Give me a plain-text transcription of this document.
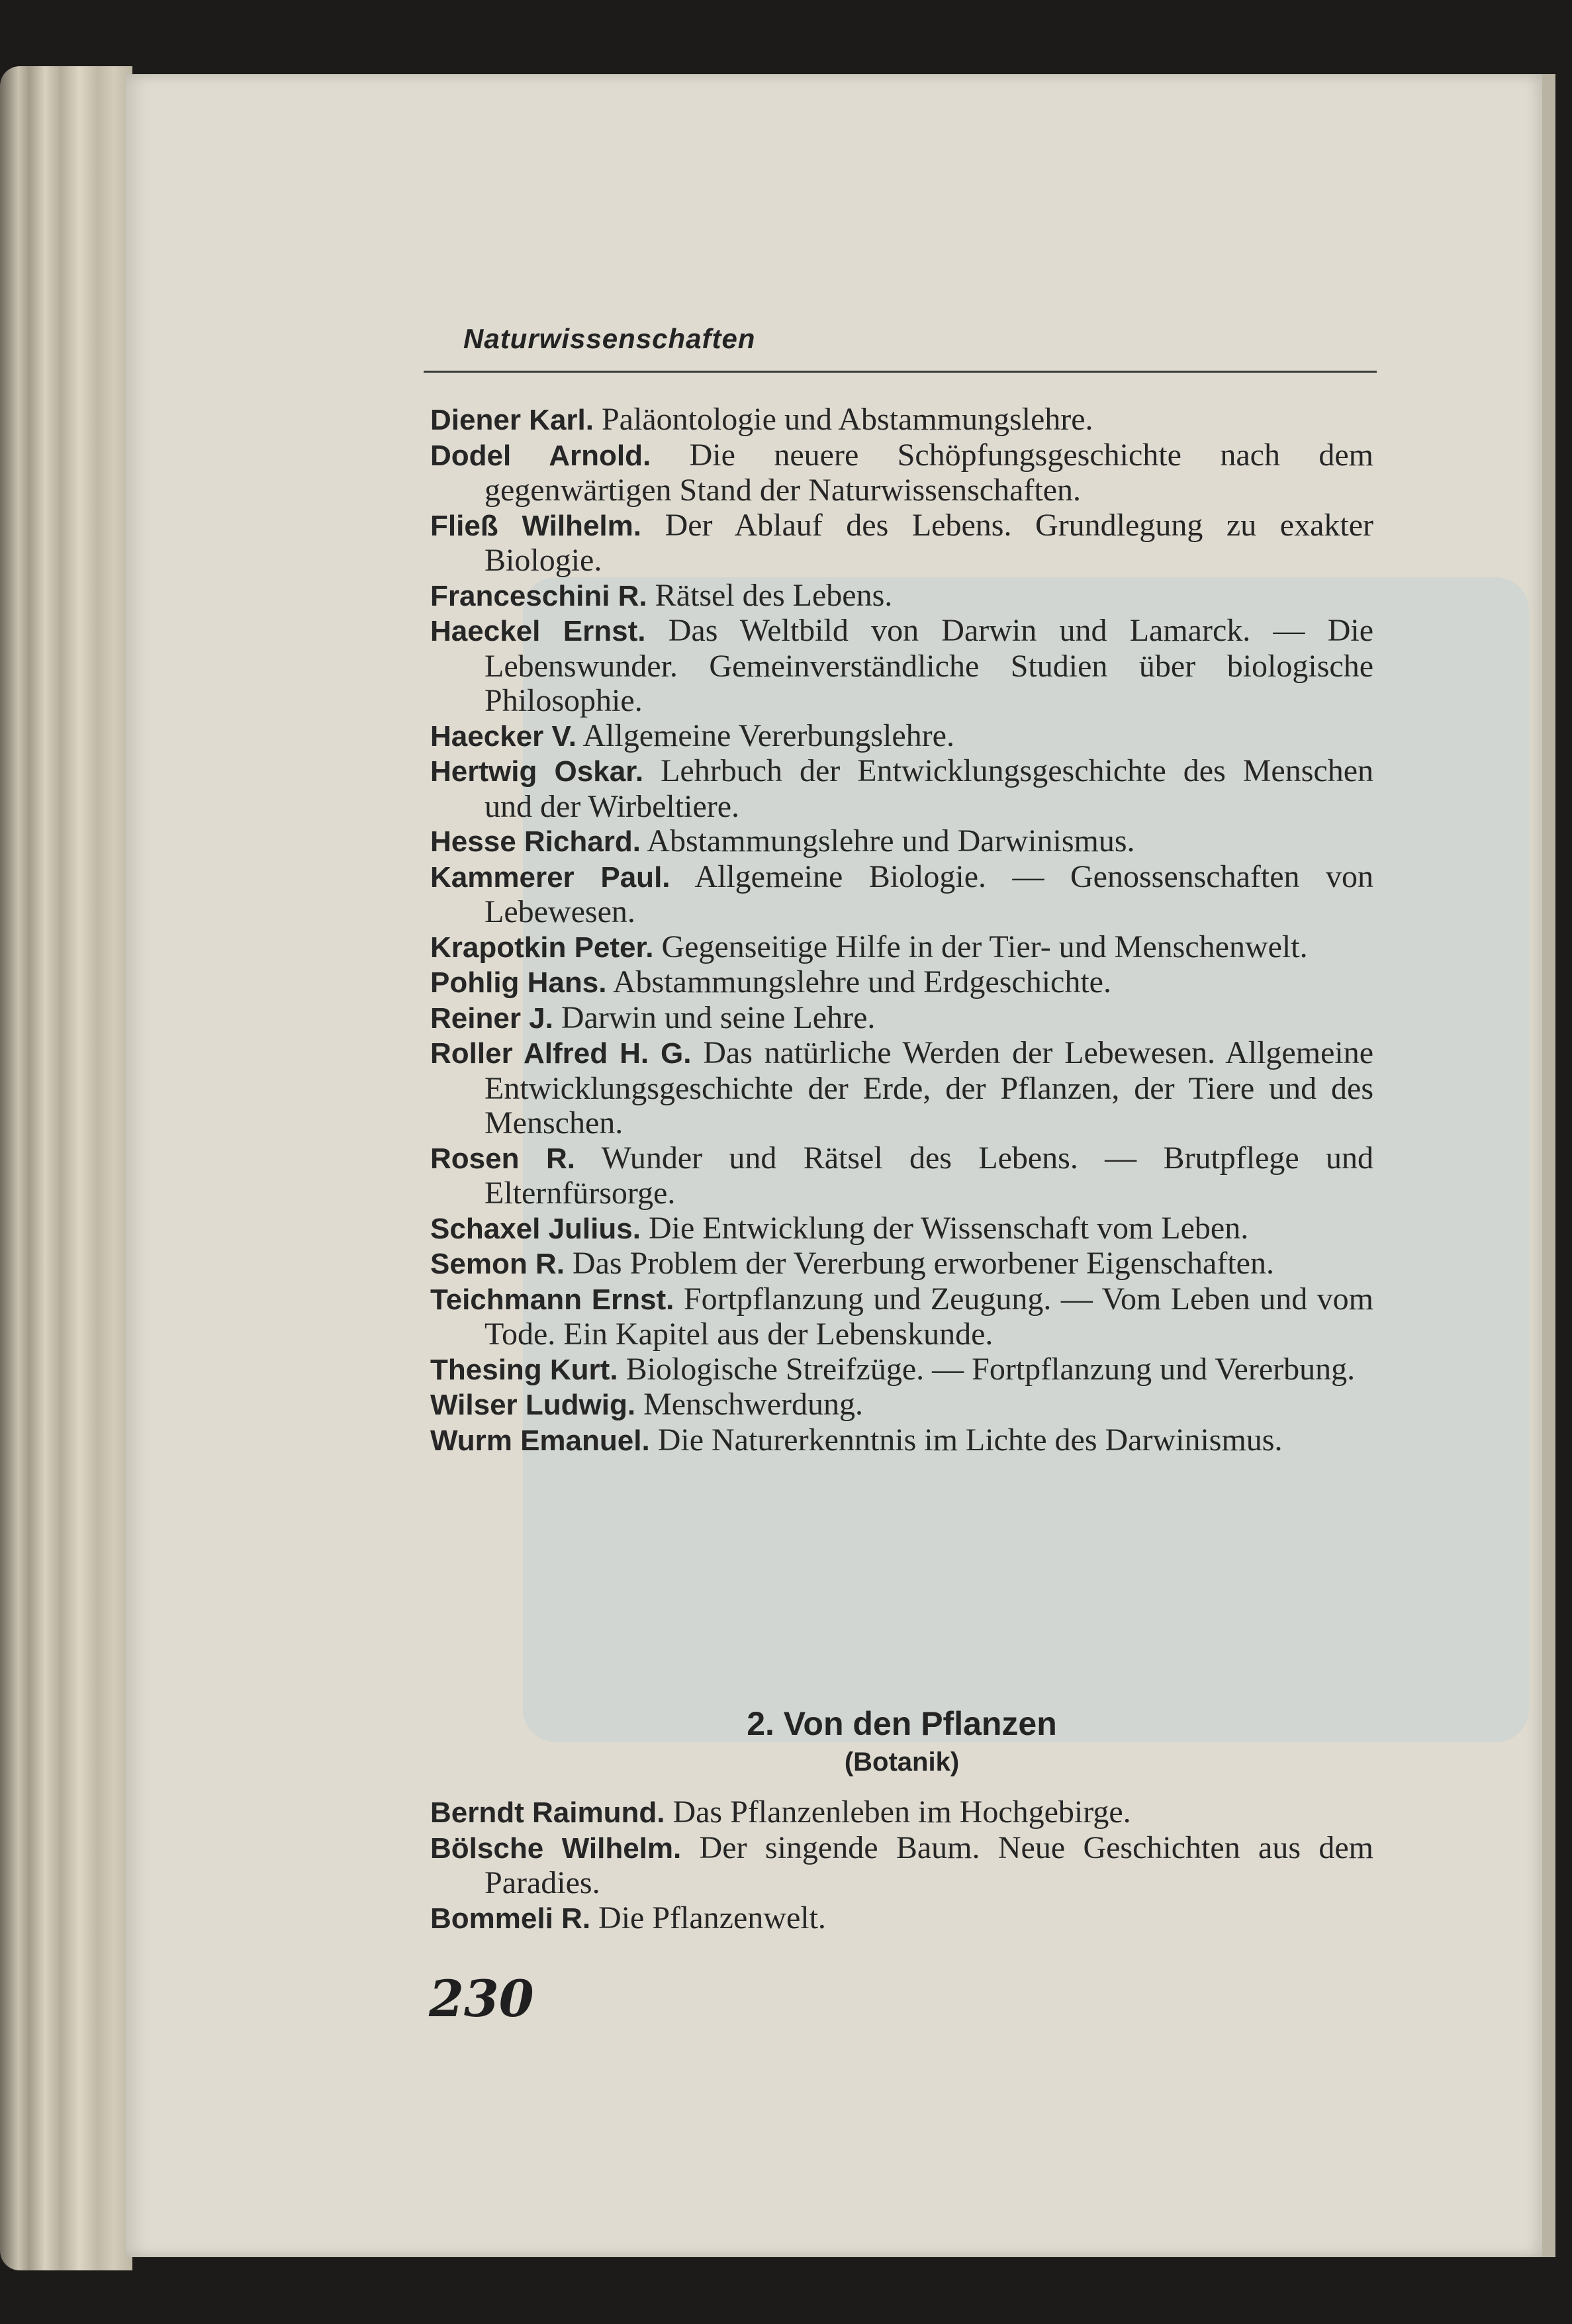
Naturwissenschaften
Diener Karl. Paläontologie und Abstammungslehre.
Dodel Arnold. Die neuere Schöpfungsgeschichte nach dem gegenwärtigen Stand der Naturwissenschaften.
Fließ Wilhelm. Der Ablauf des Lebens. Grundlegung zu exakter Biologie.
Franceschini R. Rätsel des Lebens.
Haeckel Ernst. Das Weltbild von Darwin und Lamarck. — Die Lebenswunder. Gemeinverständliche Studien über biologische Philosophie.
Haecker V. Allgemeine Vererbungslehre.
Hertwig Oskar. Lehrbuch der Entwicklungsgeschichte des Menschen und der Wirbeltiere.
Hesse Richard. Abstammungslehre und Darwinismus.
Kammerer Paul. Allgemeine Biologie. — Genossenschaften von Lebewesen.
Krapotkin Peter. Gegenseitige Hilfe in der Tier- und Menschenwelt.
Pohlig Hans. Abstammungslehre und Erdgeschichte.
Reiner J. Darwin und seine Lehre.
Roller Alfred H. G. Das natürliche Werden der Lebewesen. Allgemeine Entwicklungsgeschichte der Erde, der Pflanzen, der Tiere und des Menschen.
Rosen R. Wunder und Rätsel des Lebens. — Brutpflege und Elternfürsorge.
Schaxel Julius. Die Entwicklung der Wissenschaft vom Leben.
Semon R. Das Problem der Vererbung erworbener Eigenschaften.
Teichmann Ernst. Fortpflanzung und Zeugung. — Vom Leben und vom Tode. Ein Kapitel aus der Lebenskunde.
Thesing Kurt. Biologische Streifzüge. — Fortpflanzung und Vererbung.
Wilser Ludwig. Menschwerdung.
Wurm Emanuel. Die Naturerkenntnis im Lichte des Darwinismus.
2. Von den Pflanzen
(Botanik)
Berndt Raimund. Das Pflanzenleben im Hochgebirge.
Bölsche Wilhelm. Der singende Baum. Neue Geschichten aus dem Paradies.
Bommeli R. Die Pflanzenwelt.
230
